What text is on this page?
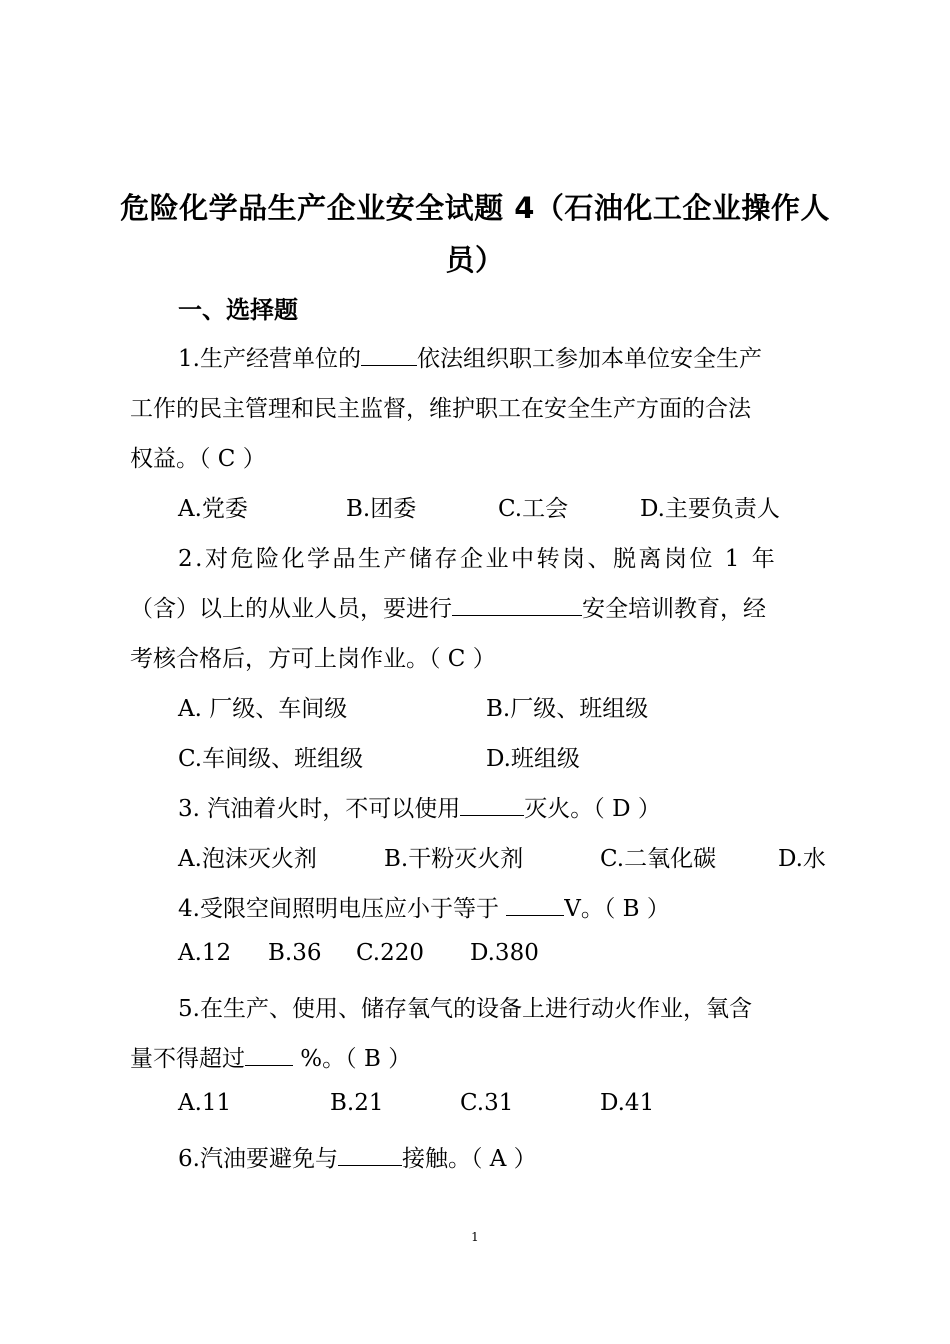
危险化学品生产企业安全试题 4（石油化工企业操作人
员）
一、选择题
1.生产经营单位的 依法组织职工参加本单位安全生产
工作的民主管理和民主监督，维护职工在安全生产方面的合法
权益。（ C ）
A.党委	B.团委	C.工会	D.主要负责人
2.对危险化学品生产储存企业中转岗、脱离岗位 1 年
（含）以上的从业人员，要进行	安全培训教育，经
考核合格后，方可上岗作业。（ C ）
A. 厂级、车间级	B.厂级、班组级
C.车间级、班组级	D.班组级
3. 汽油着火时，不可以使用	灭火。（ D ）
A.泡沫灭火剂	B.干粉灭火剂	C.二氧化碳	D.水
4.受限空间照明电压应小于等于	V。（ B ）
A.12 B.36 C.220 D.380
5.在生产、使用、储存氧气的设备上进行动火作业，氧含
量不得超过 %。（ B ）
A.11	B.21	C.31	D.41
6.汽油要避免与	接触。（ A ）
1
